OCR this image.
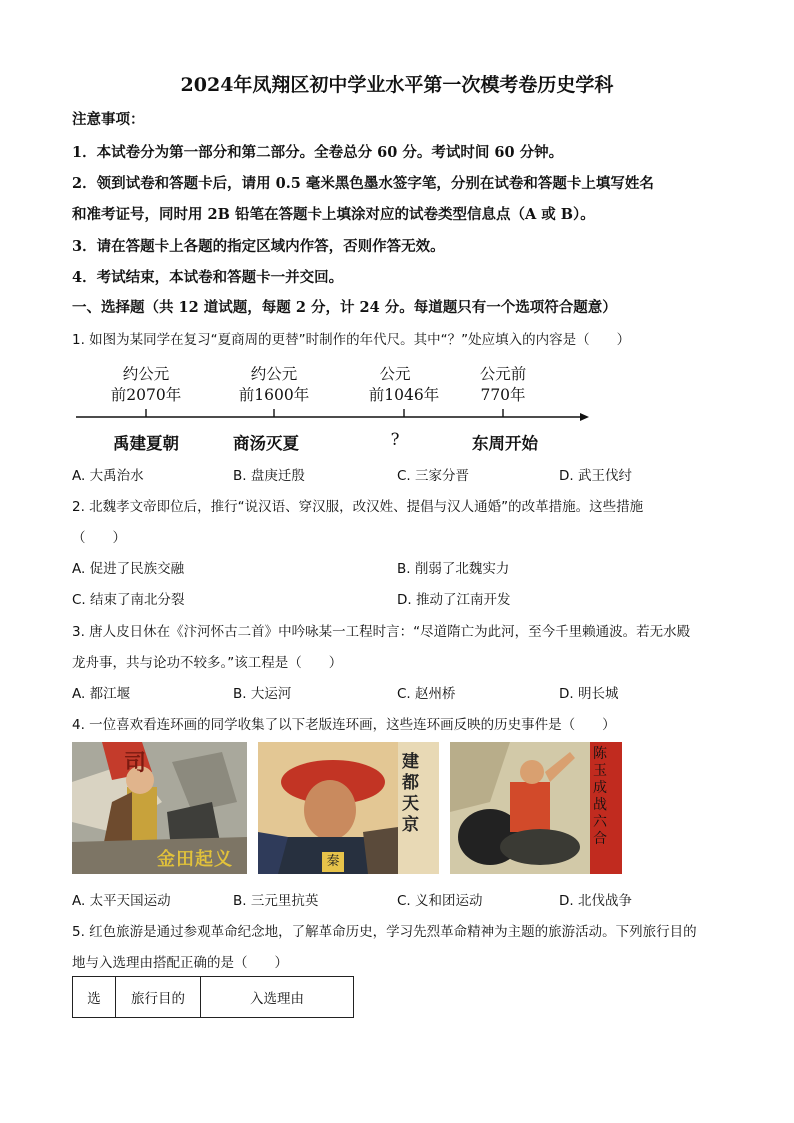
2024年凤翔区初中学业水平第一次模考卷历史学科
注意事项：
1．本试卷分为第一部分和第二部分。全卷总分 60 分。考试时间 60 分钟。
2．领到试卷和答题卡后，请用 0.5 毫米黑色墨水签字笔，分别在试卷和答题卡上填写姓名
和准考证号，同时用 2B 铅笔在答题卡上填涂对应的试卷类型信息点（A 或 B）。
3．请在答题卡上各题的指定区域内作答，否则作答无效。
4．考试结束，本试卷和答题卡一并交回。
一、选择题（共 12 道试题，每题 2 分，计 24 分。每道题只有一个选项符合题意）
1. 如图为某同学在复习“夏商周的更替”时制作的年代尺。其中“？”处应填入的内容是（　　）
约公元
前2070年
约公元
前1600年
公元
前1046年
公元前
770年
禹建夏朝	商汤灭夏	?	东周开始
A. 大禹治水	B. 盘庚迁殷	C. 三家分晋	D. 武王伐纣
2. 北魏孝文帝即位后，推行“说汉语、穿汉服，改汉姓、提倡与汉人通婚”的改革措施。这些措施
（　　）
A. 促进了民族交融	B. 削弱了北魏实力
C. 结束了南北分裂	D. 推动了江南开发
3. 唐人皮日休在《汴河怀古二首》中吟咏某一工程时言：“尽道隋亡为此河，至今千里赖通波。若无水殿
龙舟事，共与论功不较多。”该工程是（　　）
A. 都江堰	B. 大运河	C. 赵州桥	D. 明长城
4. 一位喜欢看连环画的同学收集了以下老版连环画，这些连环画反映的历史事件是（　　）
司
金田起义
建都天京
秦
陈玉成战六合
A. 太平天国运动	B. 三元里抗英	C. 义和团运动	D. 北伐战争
5. 红色旅游是通过参观革命纪念地，了解革命历史，学习先烈革命精神为主题的旅游活动。下列旅行目的
地与入选理由搭配正确的是（　　）
选	旅行目的	入选理由
